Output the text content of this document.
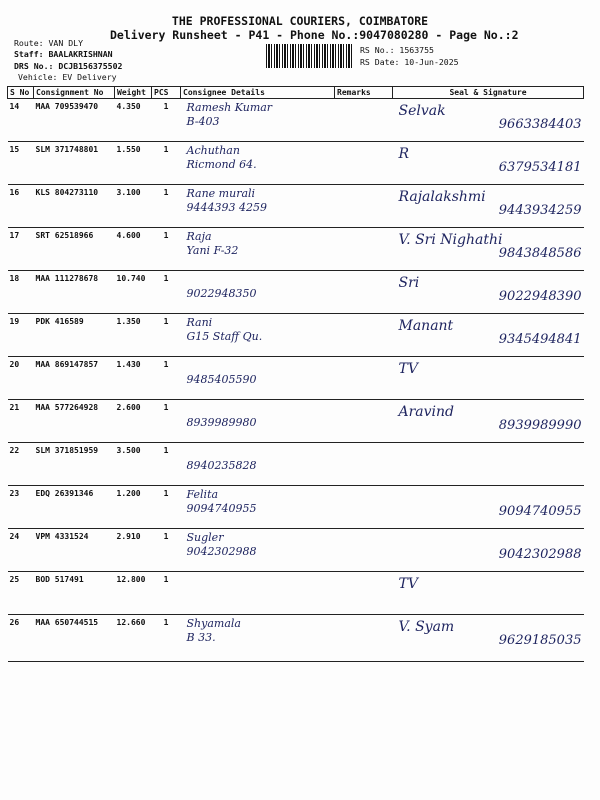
THE PROFESSIONAL COURIERS, COIMBATORE
Delivery Runsheet - P41 - Phone No.:9047080280 - Page No.:2
Route: VAN DLY
Staff: BAALAKRISHNAN
DRS No.: DCJB156375502
Vehicle: EV Delivery
RS No.: 1563755
RS Date: 10-Jun-2025
S No	Consignment No	Weight	PCS	Consignee Details	Remarks	Seal & Signature
14	MAA 709539470	4.350	1	Ramesh Kumar
B-403		Selvak
9663384403

15	SLM 371748801	1.550	1	Achuthan
Ricmond 64.		R
6379534181

16	KLS 804273110	3.100	1	Rane murali
9444393 4259		Rajalakshmi
9443934259

17	SRT 62518966	4.600	1	Raja
Yani F-32		V. Sri Nighathi
9843848586

18	MAA 111278678	10.740	1	9022948350		Sri
9022948390

19	PDK 416589	1.350	1	Rani
G15 Staff Qu.		Manant
9345494841

20	MAA 869147857	1.430	1	9485405590		TV

21	MAA 577264928	2.600	1	8939989980		Aravind
8939989990

22	SLM 371851959	3.500	1	8940235828		

23	EDQ 26391346	1.200	1	Felita
9094740955		9094740955

24	VPM 4331524	2.910	1	Sugler
9042302988		9042302988

25	BOD 517491	12.800	1			TV

26	MAA 650744515	12.660	1	Shyamala
B 33.		V. Syam
9629185035
